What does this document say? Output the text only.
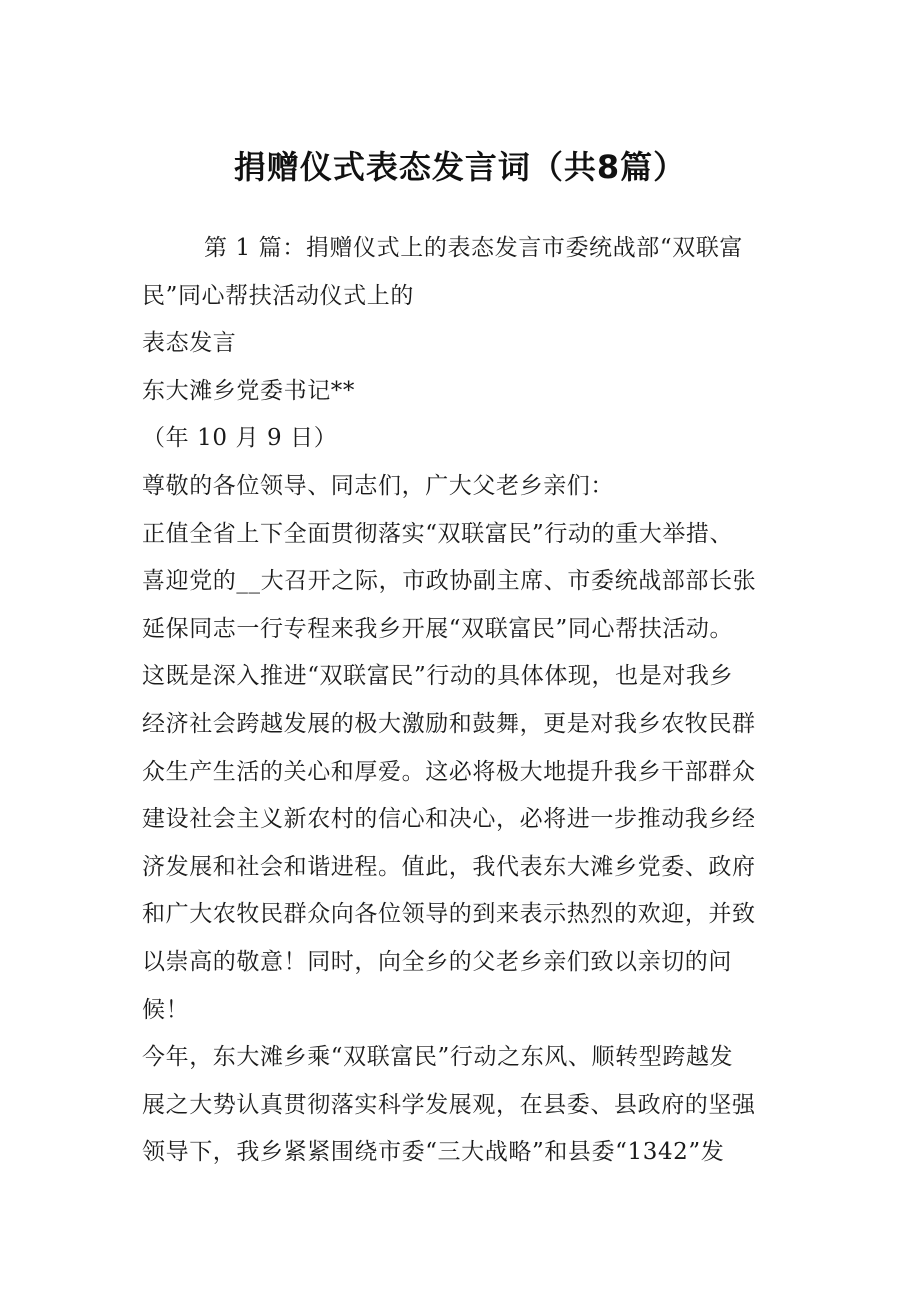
捐赠仪式表态发言词（共8篇）
第 1 篇：捐赠仪式上的表态发言市委统战部“双联富
民”同心帮扶活动仪式上的
表态发言
东大滩乡党委书记**
（年 10 月 9 日）
尊敬的各位领导、同志们，广大父老乡亲们：
正值全省上下全面贯彻落实“双联富民”行动的重大举措、
喜迎党的__大召开之际，市政协副主席、市委统战部部长张
延保同志一行专程来我乡开展“双联富民”同心帮扶活动。
这既是深入推进“双联富民”行动的具体体现，也是对我乡
经济社会跨越发展的极大激励和鼓舞，更是对我乡农牧民群
众生产生活的关心和厚爱。这必将极大地提升我乡干部群众
建设社会主义新农村的信心和决心，必将进一步推动我乡经
济发展和社会和谐进程。值此，我代表东大滩乡党委、政府
和广大农牧民群众向各位领导的到来表示热烈的欢迎，并致
以崇高的敬意！同时，向全乡的父老乡亲们致以亲切的问
候！
今年，东大滩乡乘“双联富民”行动之东风、顺转型跨越发
展之大势认真贯彻落实科学发展观，在县委、县政府的坚强
领导下，我乡紧紧围绕市委“三大战略”和县委“1342”发
